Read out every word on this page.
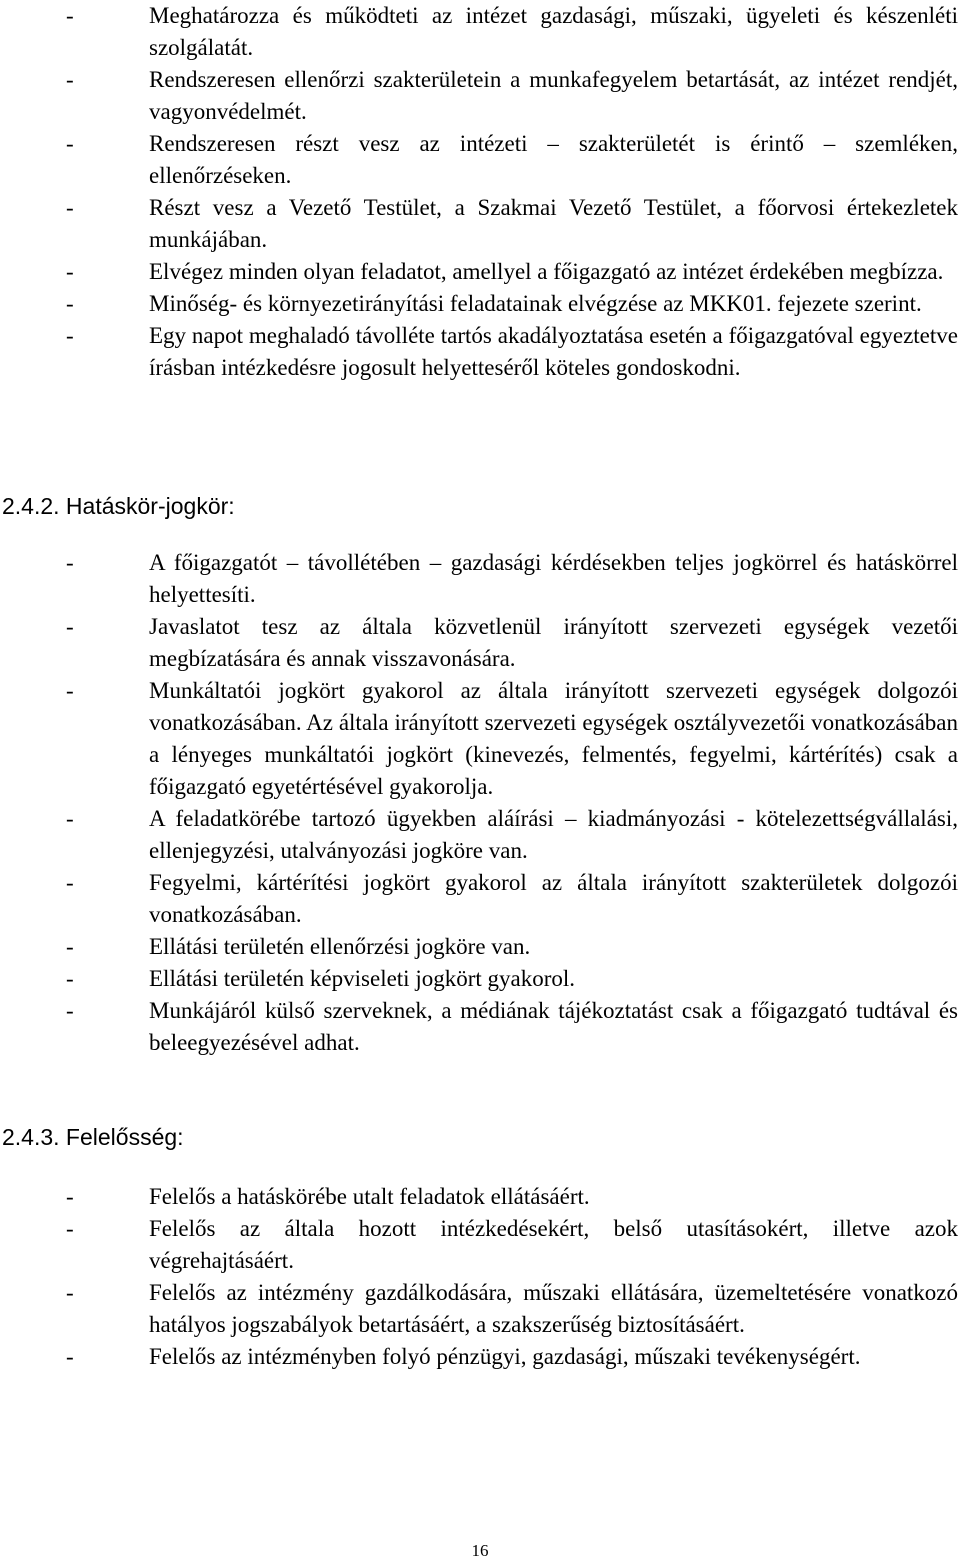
-	Meghatározza és működteti az intézet gazdasági, műszaki, ügyeleti és készenléti szolgálatát.
-	Rendszeresen ellenőrzi szakterületein a munkafegyelem betartását, az intézet rendjét, vagyonvédelmét.
-	Rendszeresen részt vesz az intézeti – szakterületét is érintő – szemléken, ellenőrzéseken.
-	Részt vesz a Vezető Testület, a Szakmai Vezető Testület, a főorvosi értekezletek munkájában.
-	Elvégez minden olyan feladatot, amellyel a főigazgató az intézet érdekében megbízza.
-	Minőség- és környezetirányítási feladatainak elvégzése az MKK01. fejezete szerint.
-	Egy napot meghaladó távolléte tartós akadályoztatása esetén a főigazgatóval egyeztetve írásban intézkedésre jogosult helyetteséről köteles gondoskodni.
2.4.2. Hatáskör-jogkör:
-	A főigazgatót – távollétében – gazdasági kérdésekben teljes jogkörrel és hatáskörrel helyettesíti.
-	Javaslatot tesz az általa közvetlenül irányított szervezeti egységek vezetői megbízatására és annak visszavonására.
-	Munkáltatói jogkört gyakorol az általa irányított szervezeti egységek dolgozói vonatkozásában. Az általa irányított szervezeti egységek osztályvezetői vonatkozásában a lényeges munkáltatói jogkört (kinevezés, felmentés, fegyelmi, kártérítés) csak a főigazgató egyetértésével gyakorolja.
-	A feladatkörébe tartozó ügyekben aláírási – kiadmányozási - kötelezettségvállalási, ellenjegyzési, utalványozási jogköre van.
-	Fegyelmi, kártérítési jogkört gyakorol az általa irányított szakterületek dolgozói vonatkozásában.
-	Ellátási területén ellenőrzési jogköre van.
-	Ellátási területén képviseleti jogkört gyakorol.
-	Munkájáról külső szerveknek, a médiának tájékoztatást csak a főigazgató tudtával és beleegyezésével adhat.
2.4.3. Felelősség:
-	Felelős a hatáskörébe utalt feladatok ellátásáért.
-	Felelős az általa hozott intézkedésekért, belső utasításokért, illetve azok végrehajtásáért.
-	Felelős az intézmény gazdálkodására, műszaki ellátására, üzemeltetésére vonatkozó hatályos jogszabályok betartásáért, a szakszerűség biztosításáért.
-	Felelős az intézményben folyó pénzügyi, gazdasági, műszaki tevékenységért.
16
